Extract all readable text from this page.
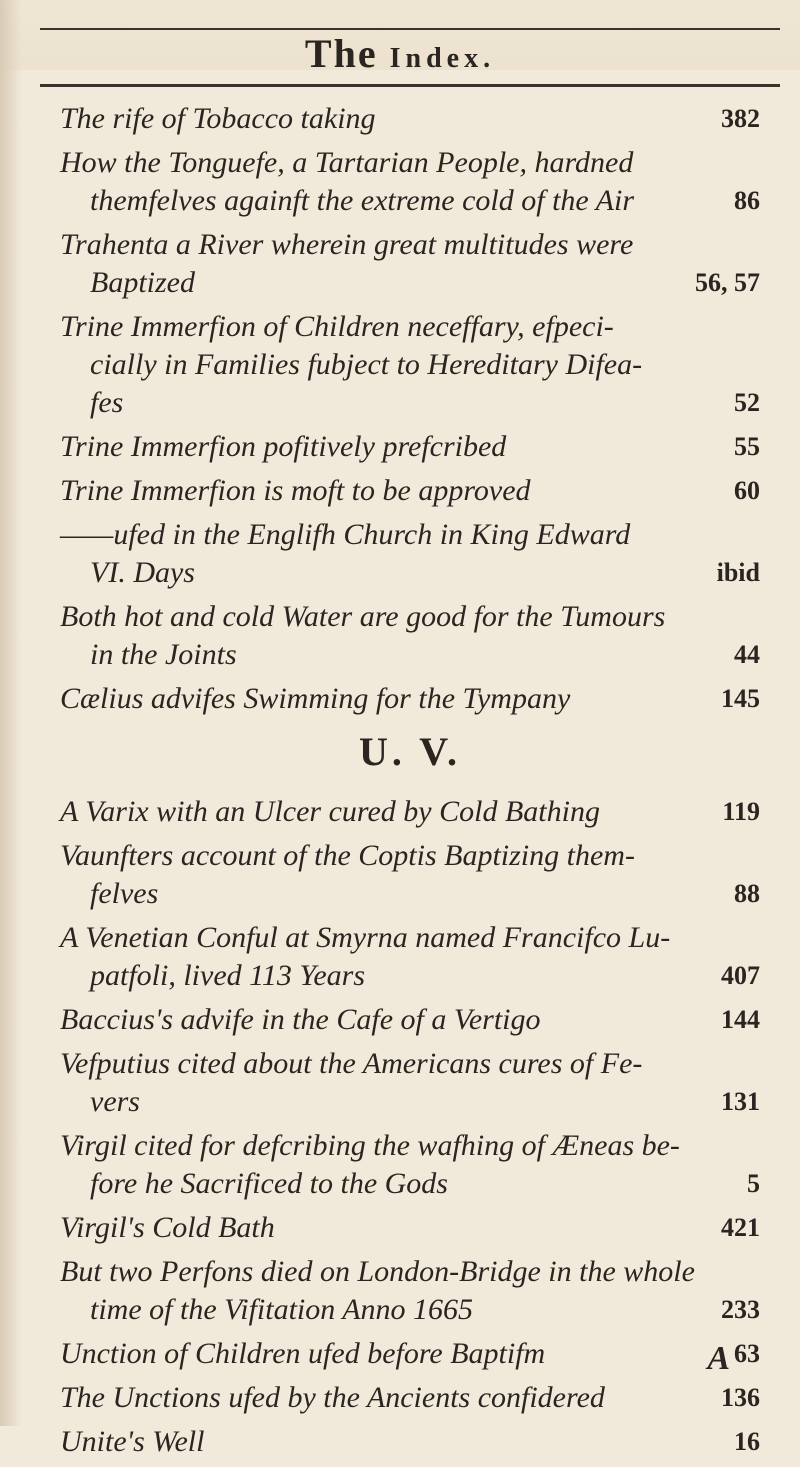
The Index.
The rife of Tobacco taking	382
How the Tonguefe, a Tartarian People, hardned
themfelves againft the extreme cold of the Air	86
Trahenta a River wherein great multitudes were
Baptized	56, 57
Trine Immerfion of Children neceffary, efpeci-
cially in Families fubject to Hereditary Difea-
fes	52
Trine Immerfion pofitively prefcribed	55
Trine Immerfion is moft to be approved	60
——ufed in the Englifh Church in King Edward
VI. Days	ibid
Both hot and cold Water are good for the Tumours
in the Joints	44
Cælius advifes Swimming for the Tympany	145
U. V.
A Varix with an Ulcer cured by Cold Bathing	119
Vaunfters account of the Coptis Baptizing them-
felves	88
A Venetian Conful at Smyrna named Francifco Lu-
patfoli, lived 113 Years	407
Baccius's advife in the Cafe of a Vertigo	144
Vefputius cited about the Americans cures of Fe-
vers	131
Virgil cited for defcribing the wafhing of Æneas be-
fore he Sacrificed to the Gods	5
Virgil's Cold Bath	421
But two Perfons died on London-Bridge in the whole
time of the Vifitation Anno 1665	233
Unction of Children ufed before Baptifm	63
The Unctions ufed by the Ancients confidered	136
Unite's Well	16
A
